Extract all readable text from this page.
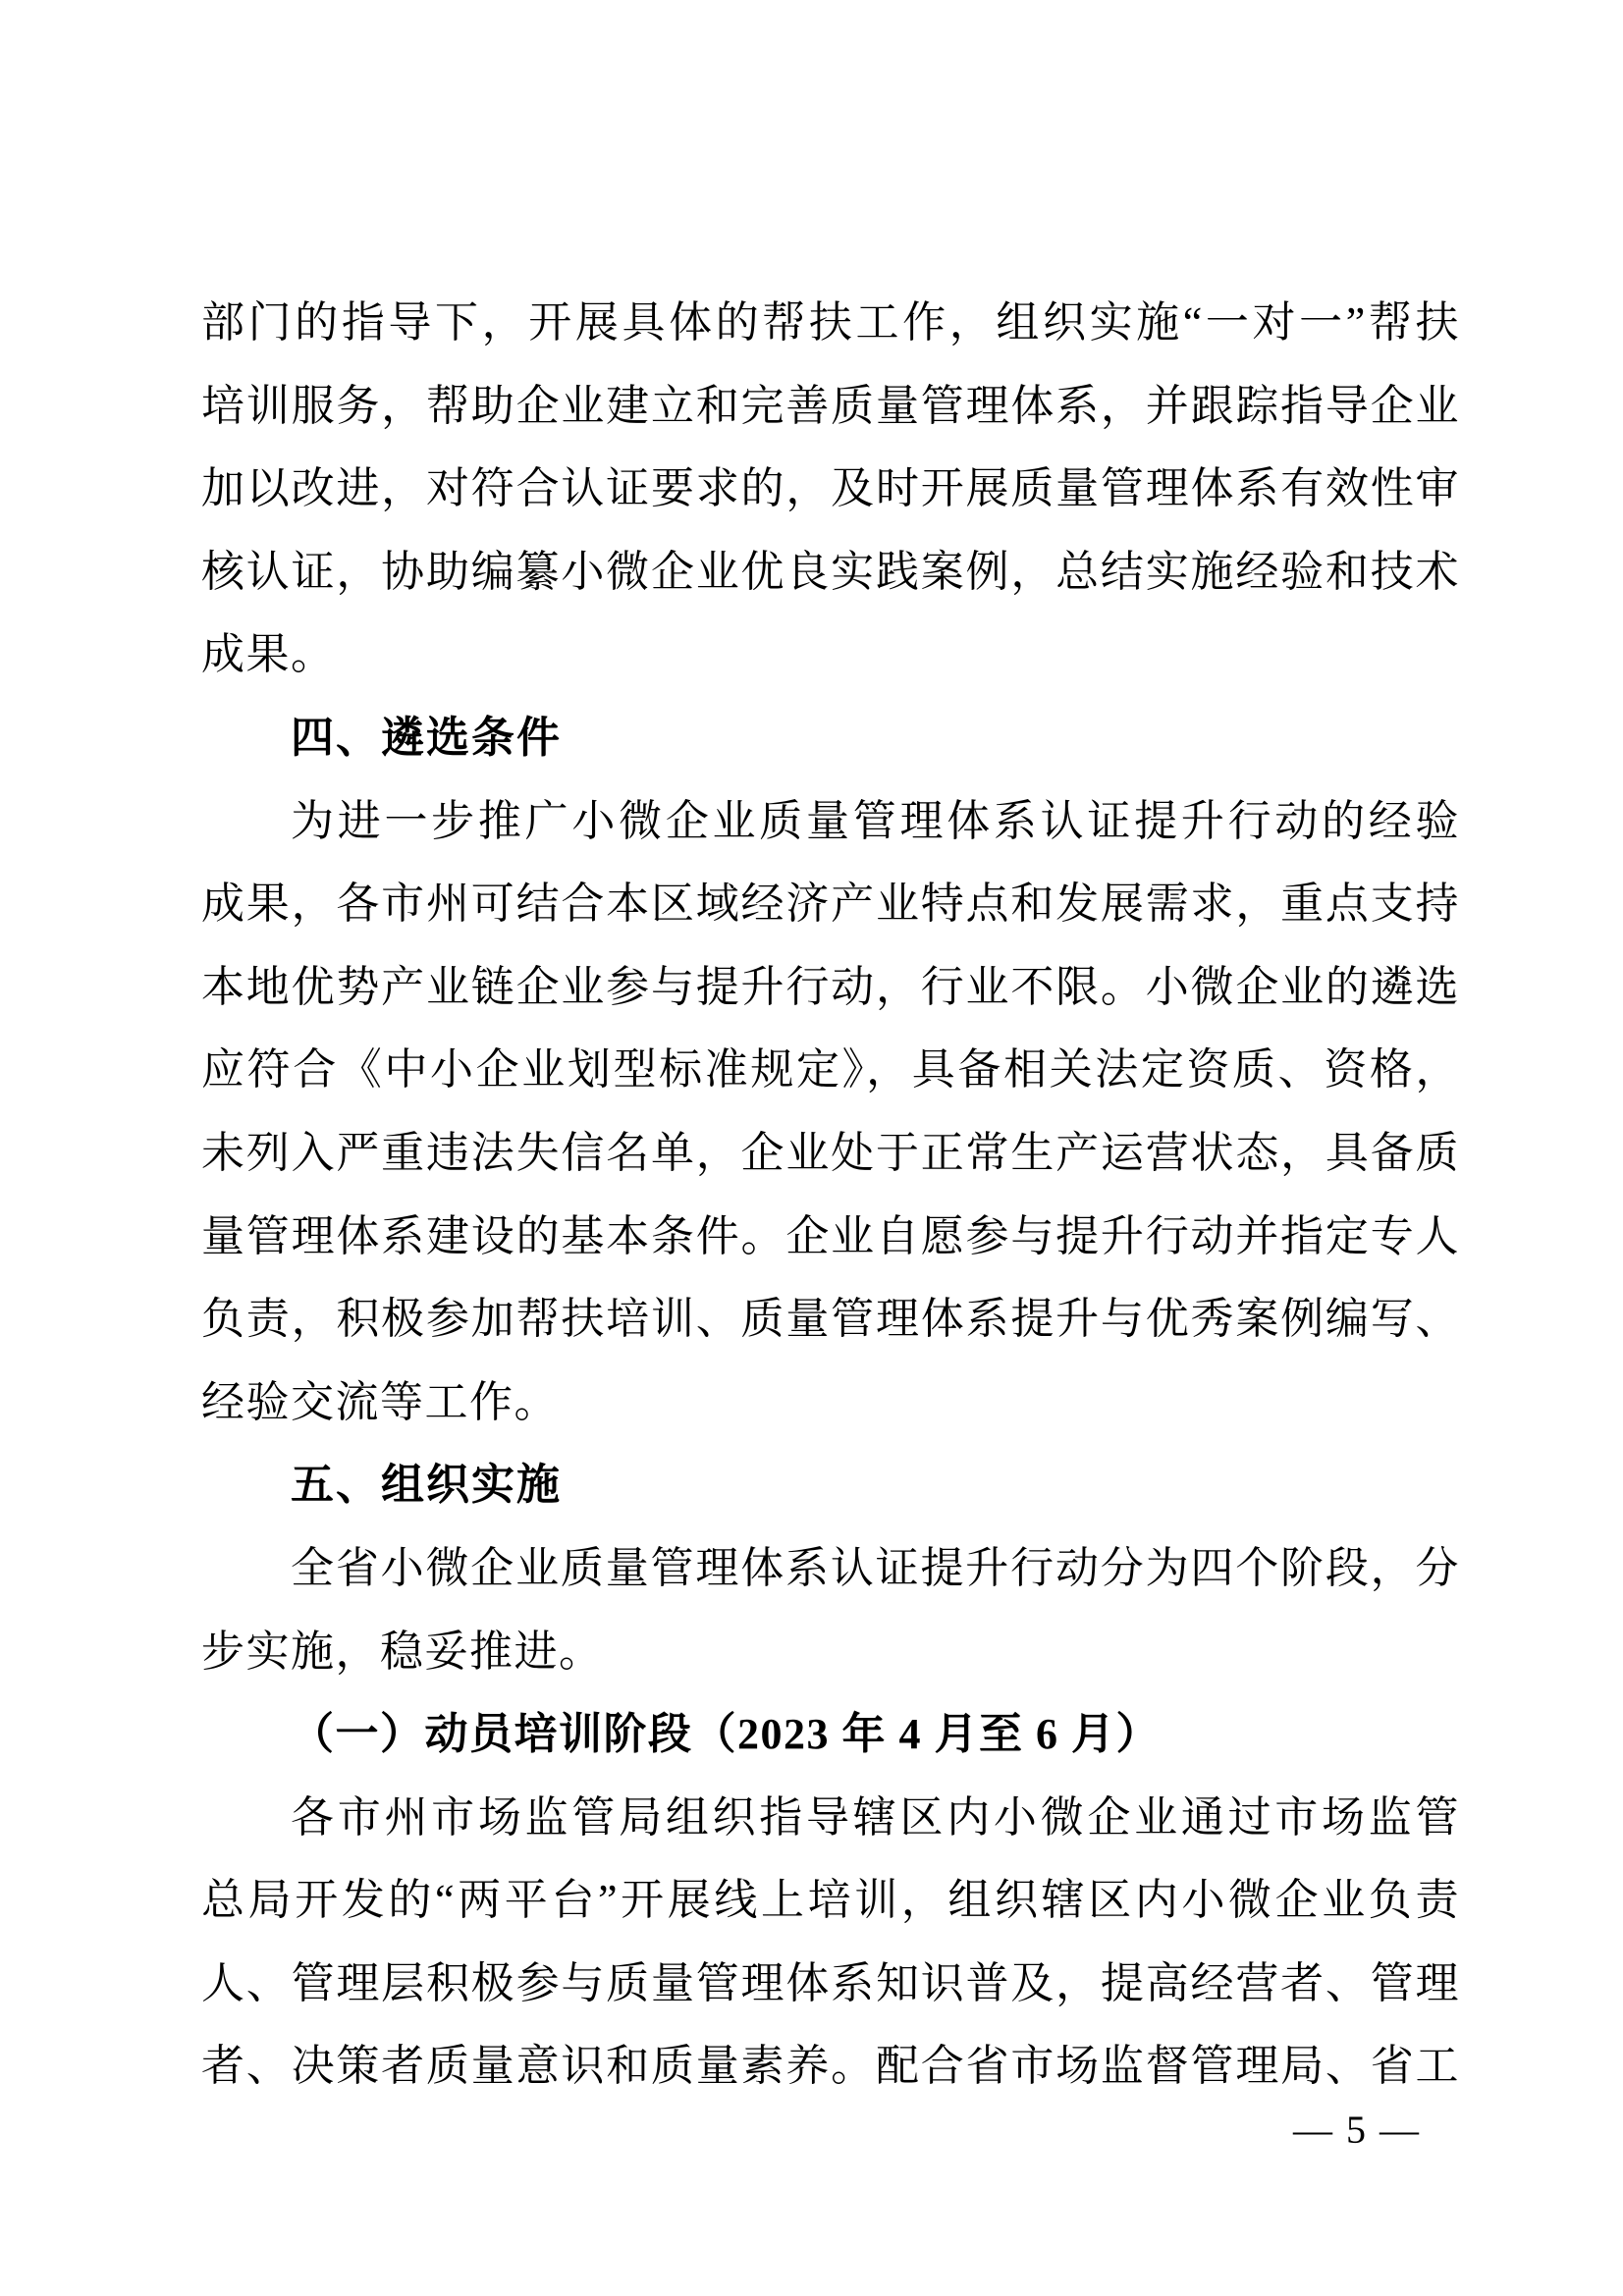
部门的指导下，开展具体的帮扶工作，组织实施“一对一”帮扶
培训服务，帮助企业建立和完善质量管理体系，并跟踪指导企业
加以改进，对符合认证要求的，及时开展质量管理体系有效性审
核认证，协助编纂小微企业优良实践案例，总结实施经验和技术
成果。
四、遴选条件
为进一步推广小微企业质量管理体系认证提升行动的经验
成果，各市州可结合本区域经济产业特点和发展需求，重点支持
本地优势产业链企业参与提升行动，行业不限。小微企业的遴选
应符合《中小企业划型标准规定》，具备相关法定资质、资格，
未列入严重违法失信名单，企业处于正常生产运营状态，具备质
量管理体系建设的基本条件。企业自愿参与提升行动并指定专人
负责，积极参加帮扶培训、质量管理体系提升与优秀案例编写、
经验交流等工作。
五、组织实施
全省小微企业质量管理体系认证提升行动分为四个阶段，分
步实施，稳妥推进。
（一）动员培训阶段（2023 年 4 月至 6 月）
各市州市场监管局组织指导辖区内小微企业通过市场监管
总局开发的“两平台”开展线上培训，组织辖区内小微企业负责
人、管理层积极参与质量管理体系知识普及，提高经营者、管理
者、决策者质量意识和质量素养。配合省市场监督管理局、省工
— 5 —
